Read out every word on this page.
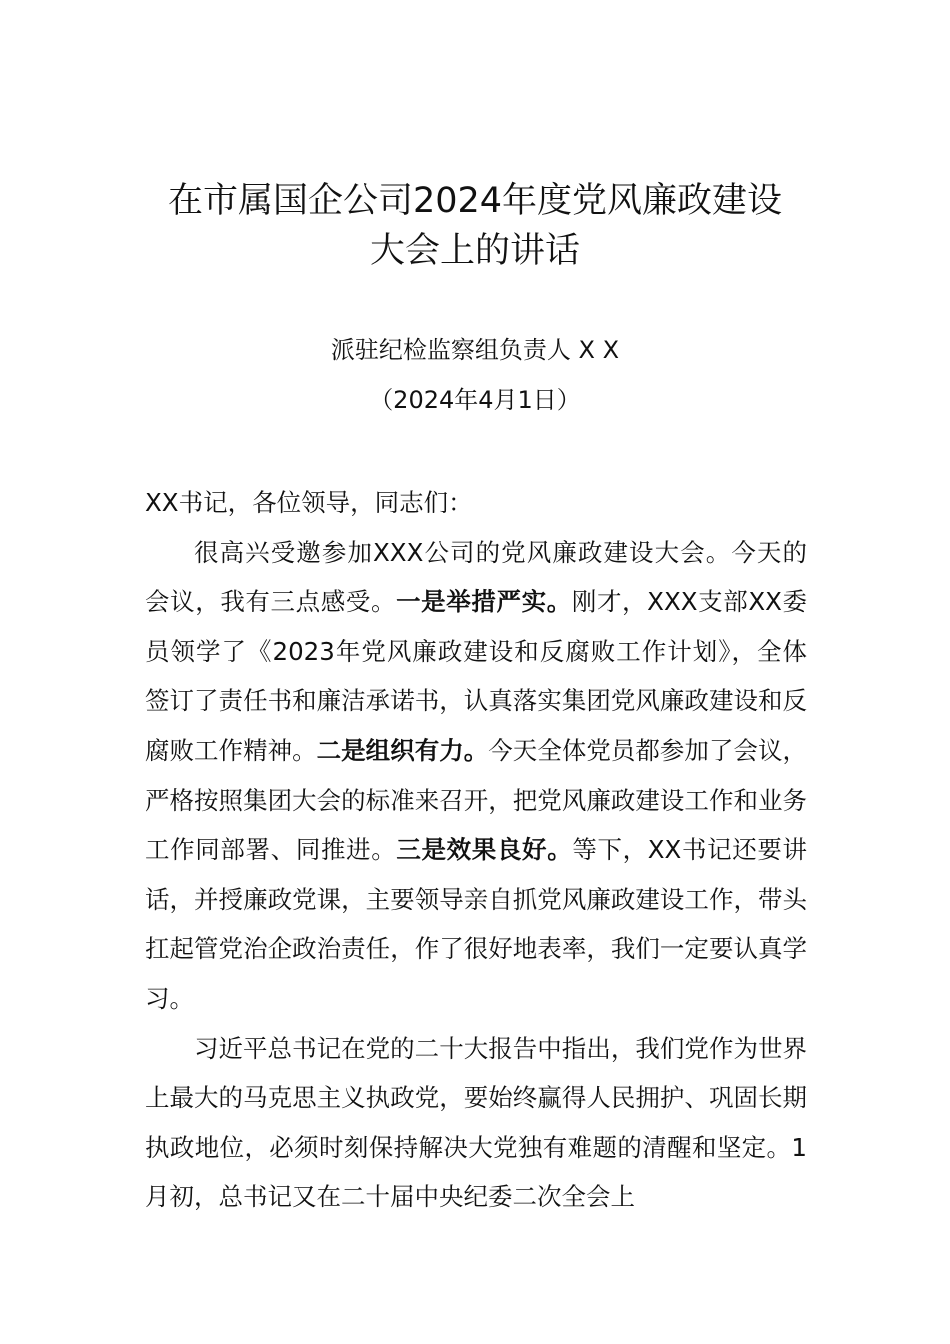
在市属国企公司2024年度党风廉政建设
大会上的讲话
派驻纪检监察组负责人 X X
（2024年4月1日）

XX书记，各位领导，同志们：

很高兴受邀参加XXX公司的党风廉政建设大会。今天的会议，我有三点感受。一是举措严实。刚才，XXX支部XX委员领学了《2023年党风廉政建设和反腐败工作计划》，全体签订了责任书和廉洁承诺书，认真落实集团党风廉政建设和反腐败工作精神。二是组织有力。今天全体党员都参加了会议，严格按照集团大会的标准来召开，把党风廉政建设工作和业务工作同部署、同推进。三是效果良好。等下，XX书记还要讲话，并授廉政党课，主要领导亲自抓党风廉政建设工作，带头扛起管党治企政治责任，作了很好地表率，我们一定要认真学习。

习近平总书记在党的二十大报告中指出，我们党作为世界上最大的马克思主义执政党，要始终赢得人民拥护、巩固长期执政地位，必须时刻保持解决大党独有难题的清醒和坚定。1月初，总书记又在二十届中央纪委二次全会上
